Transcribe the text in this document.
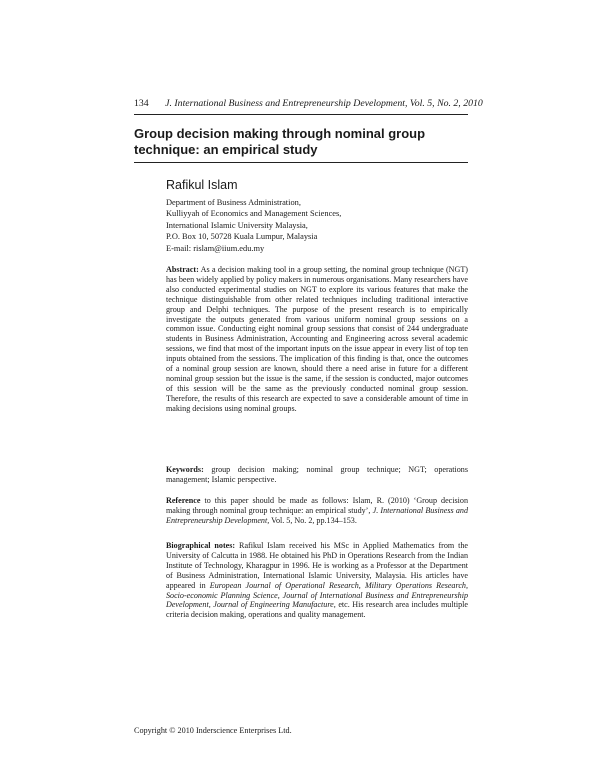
134 J. International Business and Entrepreneurship Development, Vol. 5, No. 2, 2010
Group decision making through nominal group technique: an empirical study
Rafikul Islam
Department of Business Administration,
Kulliyyah of Economics and Management Sciences,
International Islamic University Malaysia,
P.O. Box 10, 50728 Kuala Lumpur, Malaysia
E-mail: rislam@iium.edu.my
Abstract: As a decision making tool in a group setting, the nominal group technique (NGT) has been widely applied by policy makers in numerous organisations. Many researchers have also conducted experimental studies on NGT to explore its various features that make the technique distinguishable from other related techniques including traditional interactive group and Delphi techniques. The purpose of the present research is to empirically investigate the outputs generated from various uniform nominal group sessions on a common issue. Conducting eight nominal group sessions that consist of 244 undergraduate students in Business Administration, Accounting and Engineering across several academic sessions, we find that most of the important inputs on the issue appear in every list of top ten inputs obtained from the sessions. The implication of this finding is that, once the outcomes of a nominal group session are known, should there a need arise in future for a different nominal group session but the issue is the same, if the session is conducted, major outcomes of this session will be the same as the previously conducted nominal group session. Therefore, the results of this research are expected to save a considerable amount of time in making decisions using nominal groups.
Keywords: group decision making; nominal group technique; NGT; operations management; Islamic perspective.
Reference to this paper should be made as follows: Islam, R. (2010) ‘Group decision making through nominal group technique: an empirical study’, J. International Business and Entrepreneurship Development, Vol. 5, No. 2, pp.134–153.
Biographical notes: Rafikul Islam received his MSc in Applied Mathematics from the University of Calcutta in 1988. He obtained his PhD in Operations Research from the Indian Institute of Technology, Kharagpur in 1996. He is working as a Professor at the Department of Business Administration, International Islamic University, Malaysia. His articles have appeared in European Journal of Operational Research, Military Operations Research, Socio-economic Planning Science, Journal of International Business and Entrepreneurship Development, Journal of Engineering Manufacture, etc. His research area includes multiple criteria decision making, operations and quality management.
Copyright © 2010 Inderscience Enterprises Ltd.
